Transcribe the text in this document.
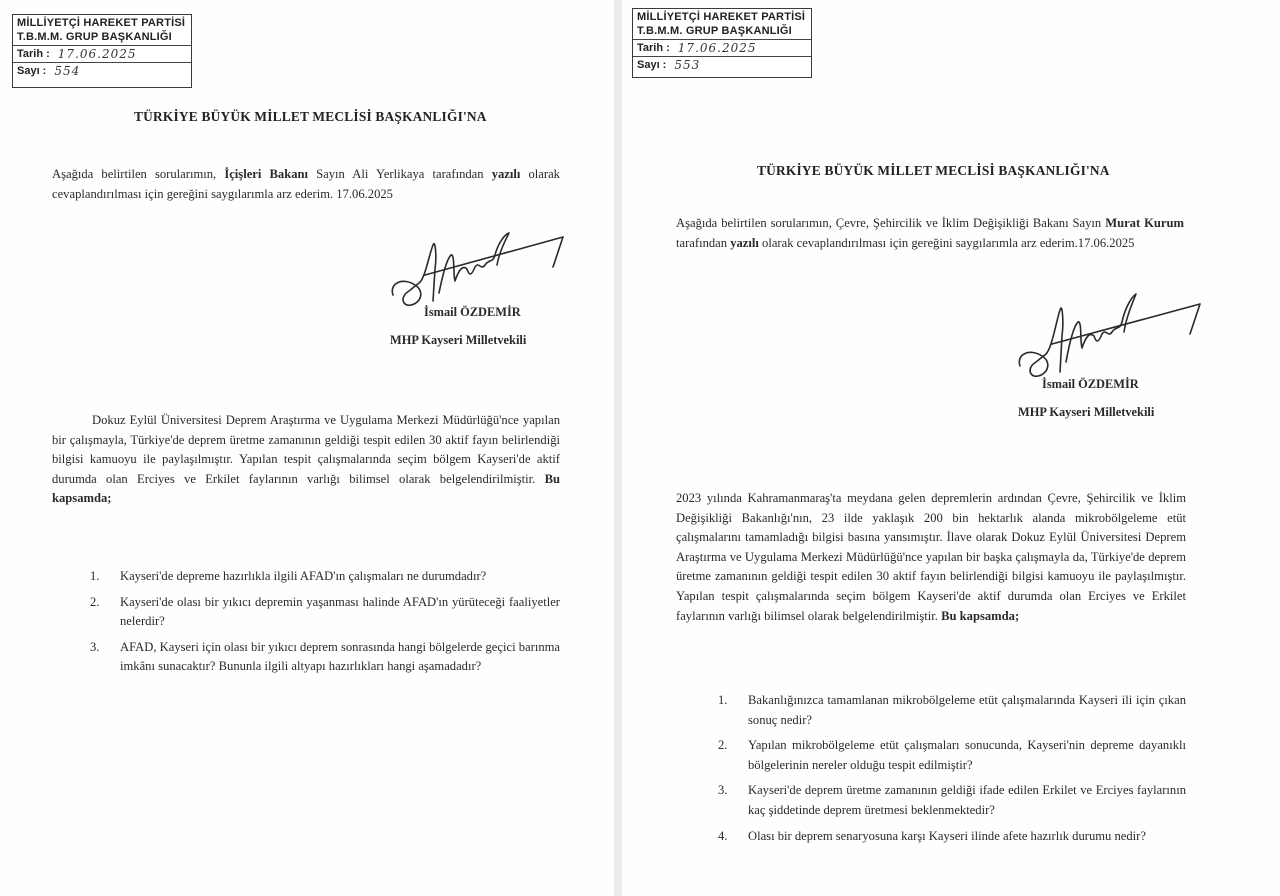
MİLLİYETÇİ HAREKET PARTİSİ
T.B.M.M. GRUP BAŞKANLIĞI
Tarih : 17.06.2025
Sayı : 554
TÜRKİYE BÜYÜK MİLLET MECLİSİ BAŞKANLIĞI'NA
Aşağıda belirtilen sorularımın, İçişleri Bakanı Sayın Ali Yerlikaya tarafından yazılı olarak cevaplandırılması için gereğini saygılarımla arz ederim. 17.06.2025
İsmail ÖZDEMİR
MHP Kayseri Milletvekili
Dokuz Eylül Üniversitesi Deprem Araştırma ve Uygulama Merkezi Müdürlüğü'nce yapılan bir çalışmayla, Türkiye'de deprem üretme zamanının geldiği tespit edilen 30 aktif fayın belirlendiği bilgisi kamuoyu ile paylaşılmıştır. Yapılan tespit çalışmalarında seçim bölgem Kayseri'de aktif durumda olan Erciyes ve Erkilet faylarının varlığı bilimsel olarak belgelendirilmiştir. Bu kapsamda;
1. Kayseri'de depreme hazırlıkla ilgili AFAD'ın çalışmaları ne durumdadır?
2. Kayseri'de olası bir yıkıcı depremin yaşanması halinde AFAD'ın yürüteceği faaliyetler nelerdir?
3. AFAD, Kayseri için olası bir yıkıcı deprem sonrasında hangi bölgelerde geçici barınma imkânı sunacaktır? Bununla ilgili altyapı hazırlıkları hangi aşamadadır?
MİLLİYETÇİ HAREKET PARTİSİ
T.B.M.M. GRUP BAŞKANLIĞI
Tarih : 17.06.2025
Sayı : 553
TÜRKİYE BÜYÜK MİLLET MECLİSİ BAŞKANLIĞI'NA
Aşağıda belirtilen sorularımın, Çevre, Şehircilik ve İklim Değişikliği Bakanı Sayın Murat Kurum tarafından yazılı olarak cevaplandırılması için gereğini saygılarımla arz ederim.17.06.2025
İsmail ÖZDEMİR
MHP Kayseri Milletvekili
2023 yılında Kahramanmaraş'ta meydana gelen depremlerin ardından Çevre, Şehircilik ve İklim Değişikliği Bakanlığı'nın, 23 ilde yaklaşık 200 bin hektarlık alanda mikrobölgeleme etüt çalışmalarını tamamladığı bilgisi basına yansımıştır. İlave olarak Dokuz Eylül Üniversitesi Deprem Araştırma ve Uygulama Merkezi Müdürlüğü'nce yapılan bir başka çalışmayla da, Türkiye'de deprem üretme zamanının geldiği tespit edilen 30 aktif fayın belirlendiği bilgisi kamuoyu ile paylaşılmıştır. Yapılan tespit çalışmalarında seçim bölgem Kayseri'de aktif durumda olan Erciyes ve Erkilet faylarının varlığı bilimsel olarak belgelendirilmiştir. Bu kapsamda;
1. Bakanlığınızca tamamlanan mikrobölgeleme etüt çalışmalarında Kayseri ili için çıkan sonuç nedir?
2. Yapılan mikrobölgeleme etüt çalışmaları sonucunda, Kayseri'nin depreme dayanıklı bölgelerinin nereler olduğu tespit edilmiştir?
3. Kayseri'de deprem üretme zamanının geldiği ifade edilen Erkilet ve Erciyes faylarının kaç şiddetinde deprem üretmesi beklenmektedir?
4. Olası bir deprem senaryosuna karşı Kayseri ilinde afete hazırlık durumu nedir?
